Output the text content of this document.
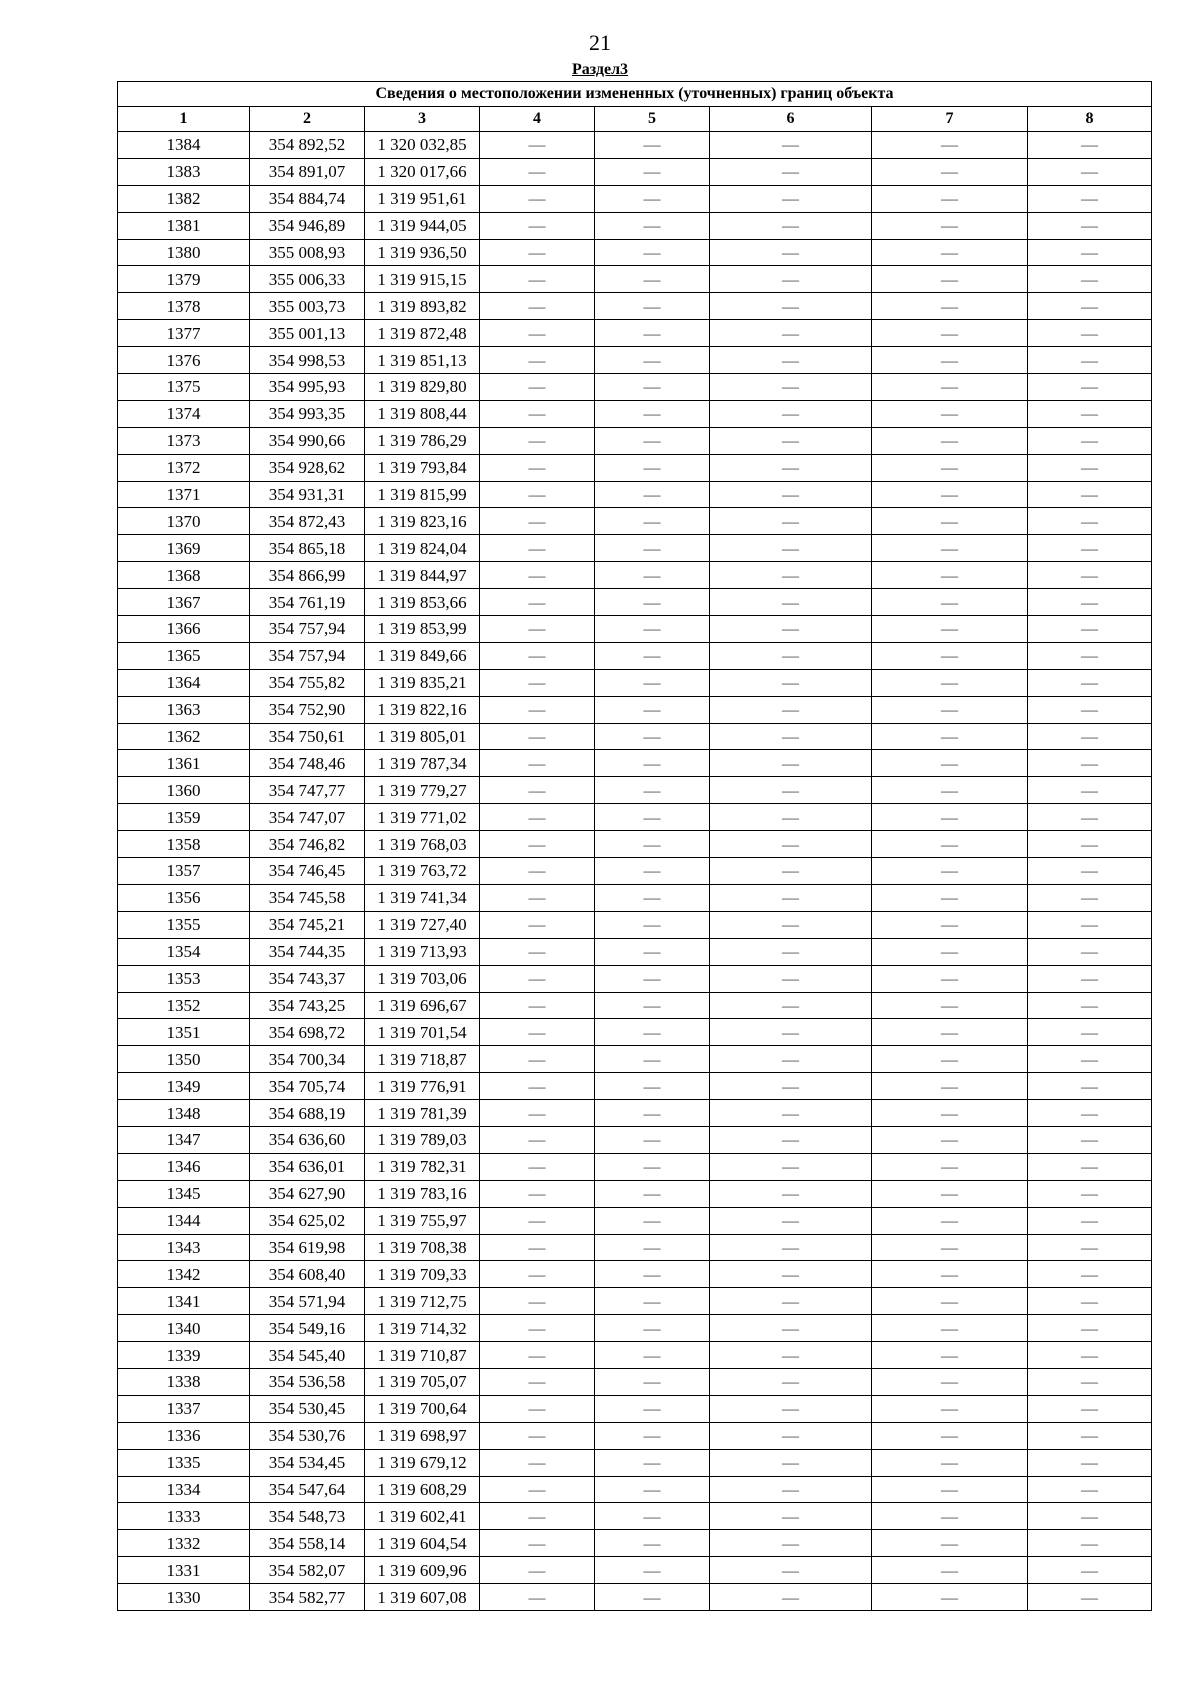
21
Раздел3
Сведения о местоположении измененных (уточненных) границ объекта							
1	2	3	4	5	6	7	8
1384	354 892,52	1 320 032,85	—	—	—	—	—
1383	354 891,07	1 320 017,66	—	—	—	—	—
1382	354 884,74	1 319 951,61	—	—	—	—	—
1381	354 946,89	1 319 944,05	—	—	—	—	—
1380	355 008,93	1 319 936,50	—	—	—	—	—
1379	355 006,33	1 319 915,15	—	—	—	—	—
1378	355 003,73	1 319 893,82	—	—	—	—	—
1377	355 001,13	1 319 872,48	—	—	—	—	—
1376	354 998,53	1 319 851,13	—	—	—	—	—
1375	354 995,93	1 319 829,80	—	—	—	—	—
1374	354 993,35	1 319 808,44	—	—	—	—	—
1373	354 990,66	1 319 786,29	—	—	—	—	—
1372	354 928,62	1 319 793,84	—	—	—	—	—
1371	354 931,31	1 319 815,99	—	—	—	—	—
1370	354 872,43	1 319 823,16	—	—	—	—	—
1369	354 865,18	1 319 824,04	—	—	—	—	—
1368	354 866,99	1 319 844,97	—	—	—	—	—
1367	354 761,19	1 319 853,66	—	—	—	—	—
1366	354 757,94	1 319 853,99	—	—	—	—	—
1365	354 757,94	1 319 849,66	—	—	—	—	—
1364	354 755,82	1 319 835,21	—	—	—	—	—
1363	354 752,90	1 319 822,16	—	—	—	—	—
1362	354 750,61	1 319 805,01	—	—	—	—	—
1361	354 748,46	1 319 787,34	—	—	—	—	—
1360	354 747,77	1 319 779,27	—	—	—	—	—
1359	354 747,07	1 319 771,02	—	—	—	—	—
1358	354 746,82	1 319 768,03	—	—	—	—	—
1357	354 746,45	1 319 763,72	—	—	—	—	—
1356	354 745,58	1 319 741,34	—	—	—	—	—
1355	354 745,21	1 319 727,40	—	—	—	—	—
1354	354 744,35	1 319 713,93	—	—	—	—	—
1353	354 743,37	1 319 703,06	—	—	—	—	—
1352	354 743,25	1 319 696,67	—	—	—	—	—
1351	354 698,72	1 319 701,54	—	—	—	—	—
1350	354 700,34	1 319 718,87	—	—	—	—	—
1349	354 705,74	1 319 776,91	—	—	—	—	—
1348	354 688,19	1 319 781,39	—	—	—	—	—
1347	354 636,60	1 319 789,03	—	—	—	—	—
1346	354 636,01	1 319 782,31	—	—	—	—	—
1345	354 627,90	1 319 783,16	—	—	—	—	—
1344	354 625,02	1 319 755,97	—	—	—	—	—
1343	354 619,98	1 319 708,38	—	—	—	—	—
1342	354 608,40	1 319 709,33	—	—	—	—	—
1341	354 571,94	1 319 712,75	—	—	—	—	—
1340	354 549,16	1 319 714,32	—	—	—	—	—
1339	354 545,40	1 319 710,87	—	—	—	—	—
1338	354 536,58	1 319 705,07	—	—	—	—	—
1337	354 530,45	1 319 700,64	—	—	—	—	—
1336	354 530,76	1 319 698,97	—	—	—	—	—
1335	354 534,45	1 319 679,12	—	—	—	—	—
1334	354 547,64	1 319 608,29	—	—	—	—	—
1333	354 548,73	1 319 602,41	—	—	—	—	—
1332	354 558,14	1 319 604,54	—	—	—	—	—
1331	354 582,07	1 319 609,96	—	—	—	—	—
1330	354 582,77	1 319 607,08	—	—	—	—	—
